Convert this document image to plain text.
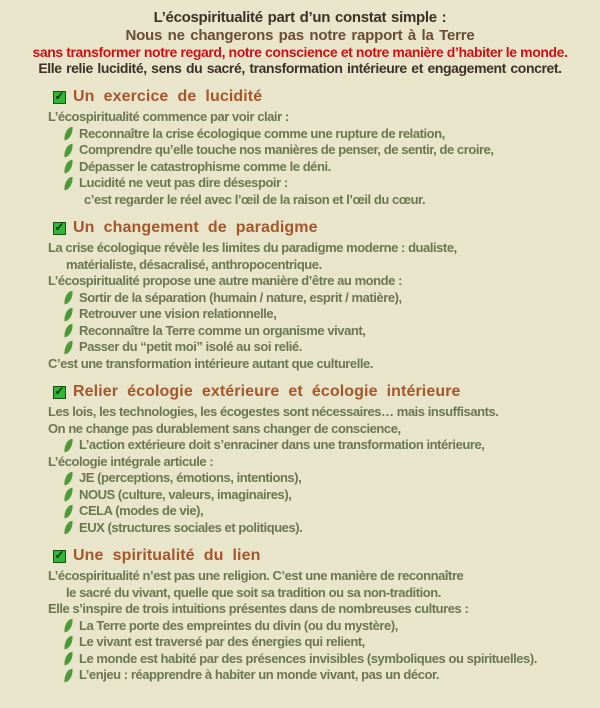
L’écospiritualité part d’un constat simple :
Nous ne changerons pas notre rapport à la Terre
sans transformer notre regard, notre conscience et notre manière d’habiter le monde.
Elle relie lucidité, sens du sacré, transformation intérieure et engagement concret.
✓ Un exercice de lucidité
L’écospiritualité commence par voir clair :
Reconnaître la crise écologique comme une rupture de relation,
Comprendre qu’elle touche nos manières de penser, de sentir, de croire,
Dépasser le catastrophisme comme le déni.
Lucidité ne veut pas dire désespoir :
c’est regarder le réel avec l’œil de la raison et l’œil du cœur.
✓ Un changement de paradigme
La crise écologique révèle les limites du paradigme moderne : dualiste,
matérialiste, désacralisé, anthropocentrique.
L’écospiritualité propose une autre manière d’être au monde :
Sortir de la séparation (humain / nature, esprit / matière),
Retrouver une vision relationnelle,
Reconnaître la Terre comme un organisme vivant,
Passer du “petit moi” isolé au soi relié.
C’est une transformation intérieure autant que culturelle.
✓ Relier écologie extérieure et écologie intérieure
Les lois, les technologies, les écogestes sont nécessaires… mais insuffisants.
On ne change pas durablement sans changer de conscience,
L’action extérieure doit s’enraciner dans une transformation intérieure,
L’écologie intégrale articule :
JE (perceptions, émotions, intentions),
NOUS (culture, valeurs, imaginaires),
CELA (modes de vie),
EUX (structures sociales et politiques).
✓ Une spiritualité du lien
L’écospiritualité n’est pas une religion. C’est une manière de reconnaître
le sacré du vivant, quelle que soit sa tradition ou sa non-tradition.
Elle s’inspire de trois intuitions présentes dans de nombreuses cultures :
La Terre porte des empreintes du divin (ou du mystère),
Le vivant est traversé par des énergies qui relient,
Le monde est habité par des présences invisibles (symboliques ou spirituelles).
L’enjeu : réapprendre à habiter un monde vivant, pas un décor.
